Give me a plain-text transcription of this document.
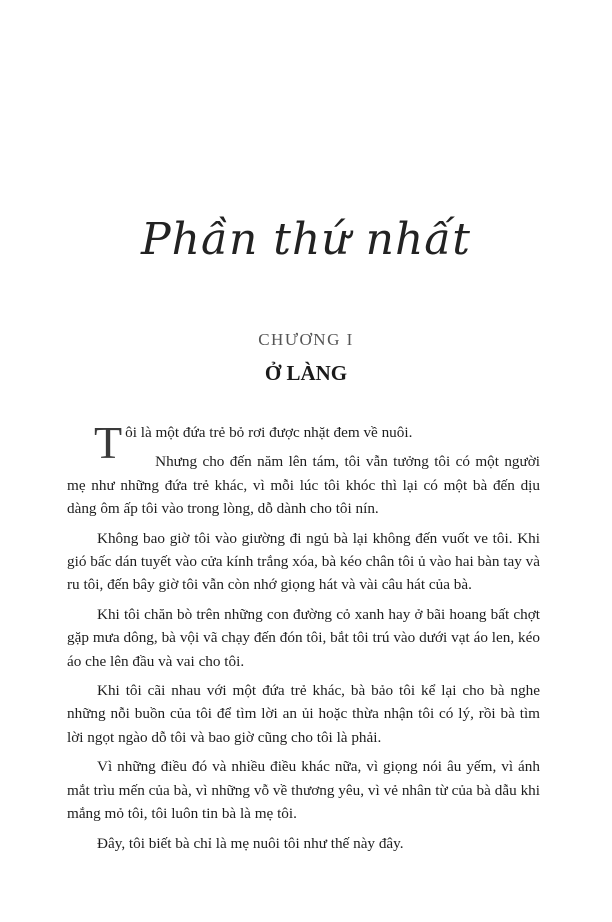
Phần thứ nhất
CHƯƠNG I
Ở LÀNG

Tôi là một đứa trẻ bỏ rơi được nhặt đem về nuôi.

Nhưng cho đến năm lên tám, tôi vẫn tưởng tôi có một người mẹ như những đứa trẻ khác, vì mỗi lúc tôi khóc thì lại có một bà đến dịu dàng ôm ấp tôi vào trong lòng, dỗ dành cho tôi nín.

Không bao giờ tôi vào giường đi ngủ bà lại không đến vuốt ve tôi. Khi gió bấc dán tuyết vào cửa kính trắng xóa, bà kéo chân tôi ủ vào hai bàn tay và ru tôi, đến bây giờ tôi vẫn còn nhớ giọng hát và vài câu hát của bà.

Khi tôi chăn bò trên những con đường cỏ xanh hay ở bãi hoang bất chợt gặp mưa dông, bà vội vã chạy đến đón tôi, bắt tôi trú vào dưới vạt áo len, kéo áo che lên đầu và vai cho tôi.

Khi tôi cãi nhau với một đứa trẻ khác, bà bảo tôi kể lại cho bà nghe những nỗi buồn của tôi để tìm lời an ủi hoặc thừa nhận tôi có lý, rồi bà tìm lời ngọt ngào dỗ tôi và bao giờ cũng cho tôi là phải.

Vì những điều đó và nhiều điều khác nữa, vì giọng nói âu yếm, vì ánh mắt trìu mến của bà, vì những vỗ về thương yêu, vì vẻ nhân từ của bà dẫu khi mắng mỏ tôi, tôi luôn tin bà là mẹ tôi.

Đây, tôi biết bà chỉ là mẹ nuôi tôi như thế này đây.
